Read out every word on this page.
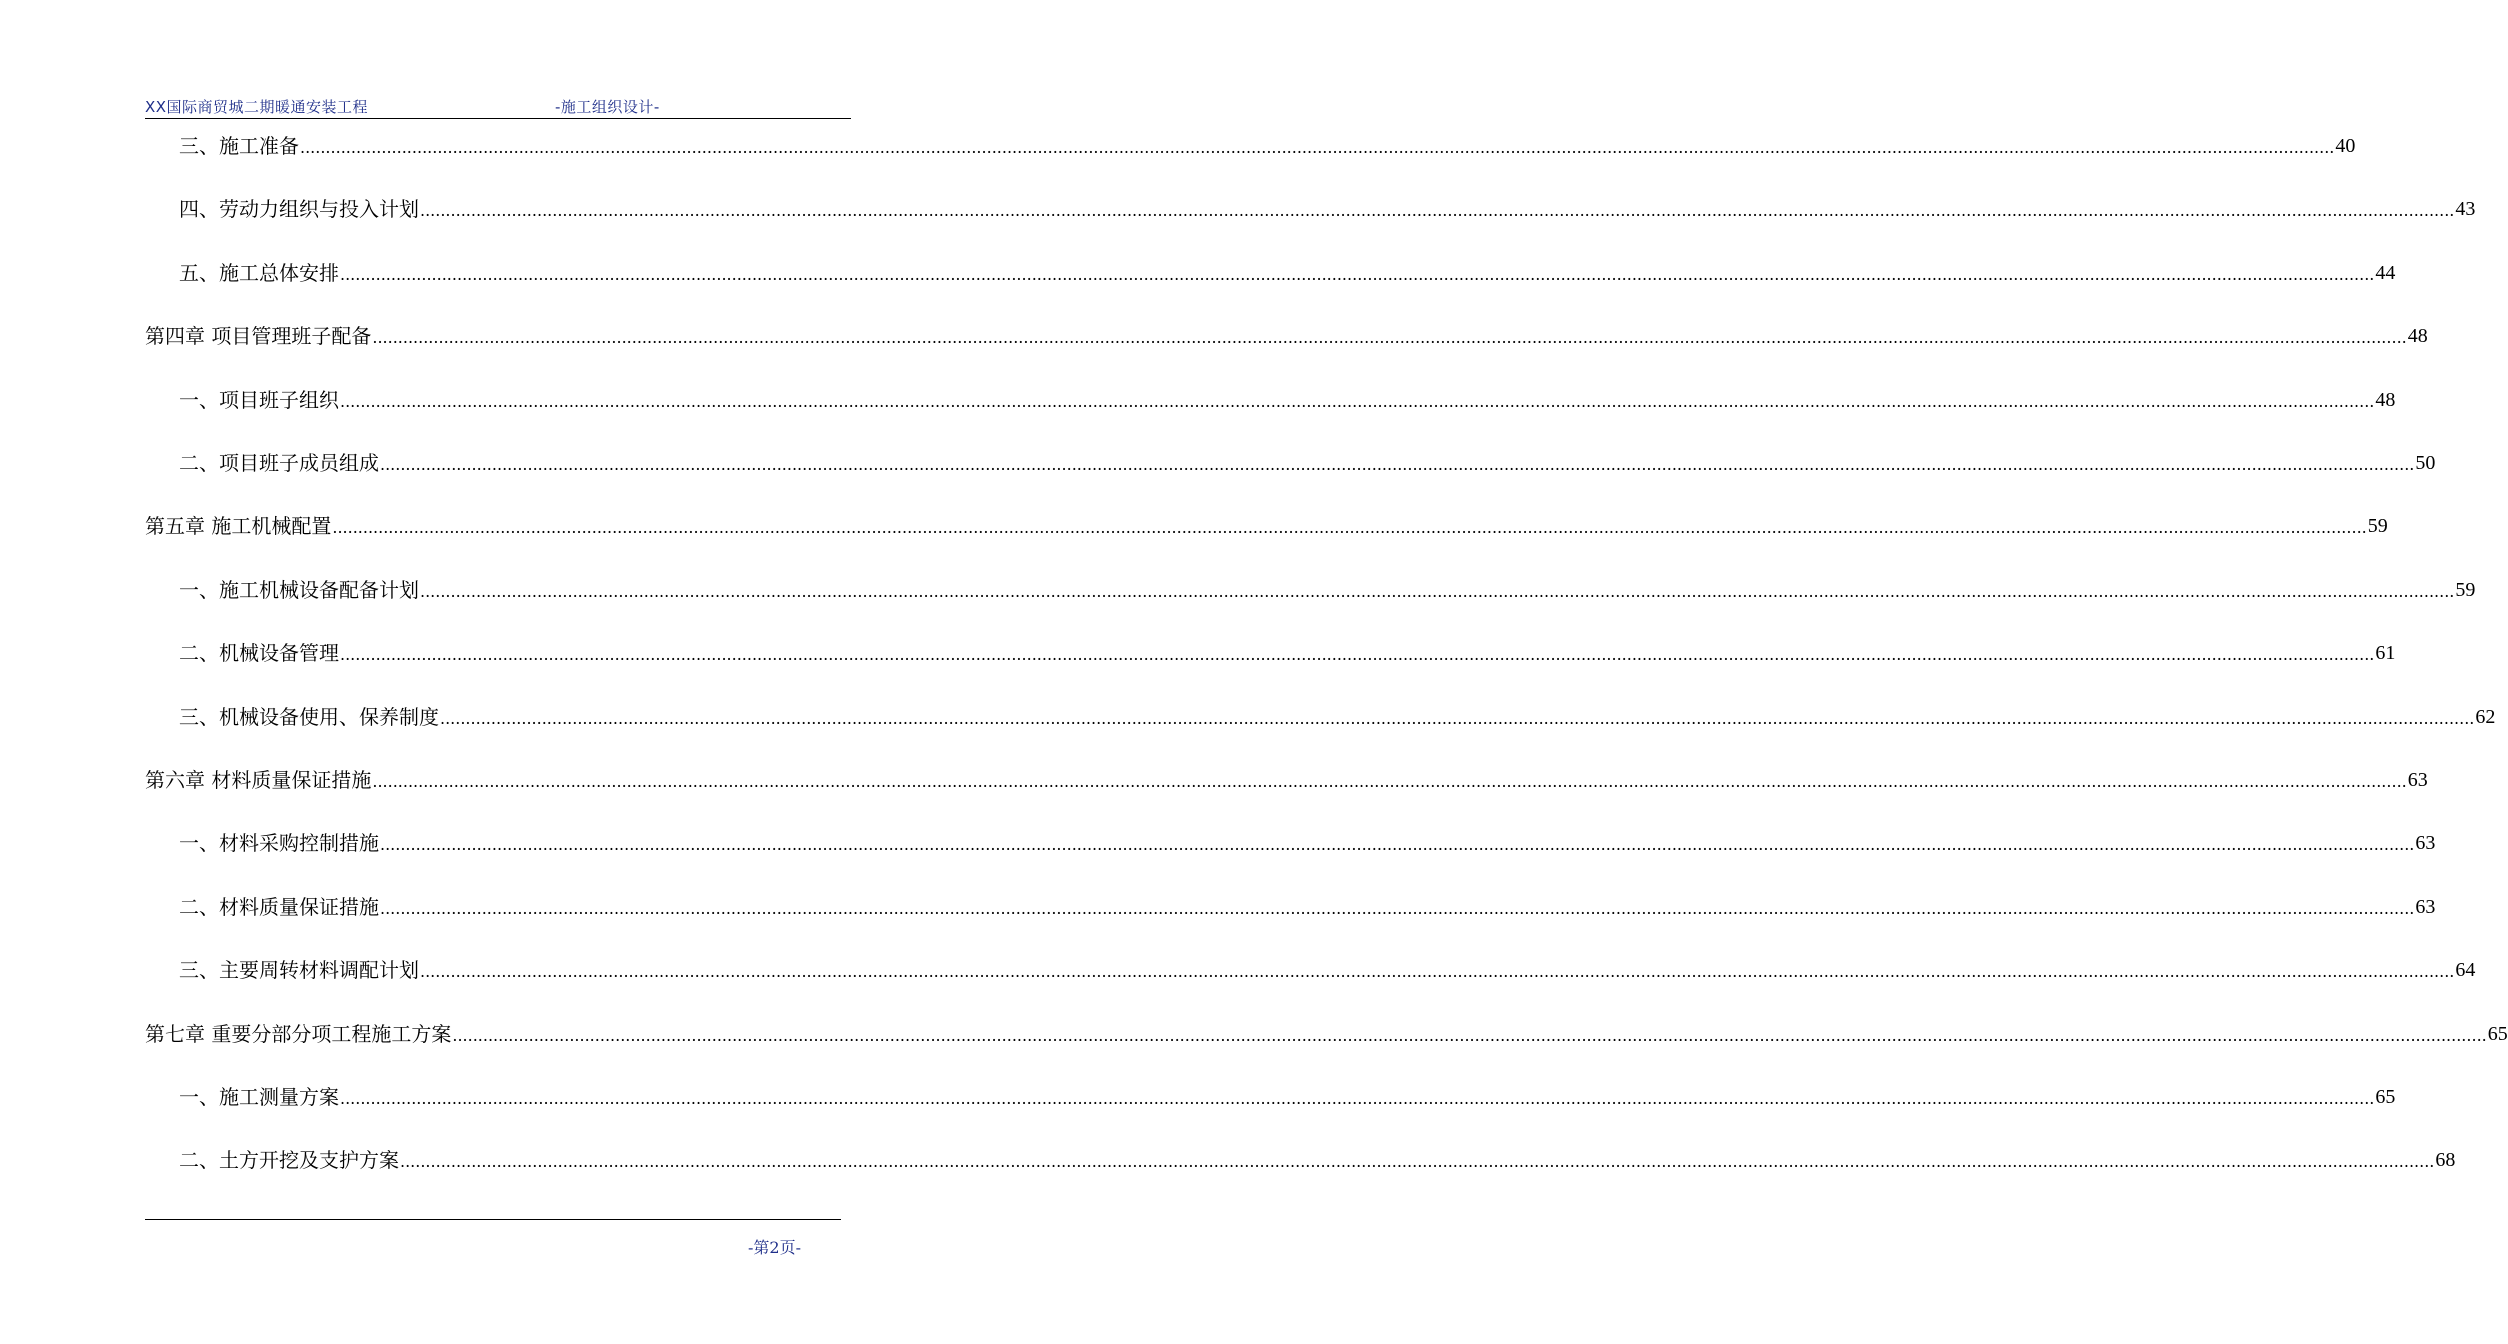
XX国际商贸城二期暖通安装工程	-施工组织设计-
三、施工准备 ................................................................................................................................................................................................................................................................................................................................................................................................................ 40
四、劳动力组织与投入计划 ................................................................................................................................................................................................................................................................................................................................................................................................................ 43
五、施工总体安排 ................................................................................................................................................................................................................................................................................................................................................................................................................ 44
第四章 项目管理班子配备 ................................................................................................................................................................................................................................................................................................................................................................................................................ 48
一、项目班子组织 ................................................................................................................................................................................................................................................................................................................................................................................................................ 48
二、项目班子成员组成 ................................................................................................................................................................................................................................................................................................................................................................................................................ 50
第五章 施工机械配置 ................................................................................................................................................................................................................................................................................................................................................................................................................ 59
一、施工机械设备配备计划 ................................................................................................................................................................................................................................................................................................................................................................................................................ 59
二、机械设备管理 ................................................................................................................................................................................................................................................................................................................................................................................................................ 61
三、机械设备使用、保养制度 ................................................................................................................................................................................................................................................................................................................................................................................................................ 62
第六章 材料质量保证措施 ................................................................................................................................................................................................................................................................................................................................................................................................................ 63
一、材料采购控制措施 ................................................................................................................................................................................................................................................................................................................................................................................................................ 63
二、材料质量保证措施 ................................................................................................................................................................................................................................................................................................................................................................................................................ 63
三、主要周转材料调配计划 ................................................................................................................................................................................................................................................................................................................................................................................................................ 64
第七章 重要分部分项工程施工方案 ................................................................................................................................................................................................................................................................................................................................................................................................................ 65
一、施工测量方案 ................................................................................................................................................................................................................................................................................................................................................................................................................ 65
二、土方开挖及支护方案 ................................................................................................................................................................................................................................................................................................................................................................................................................ 68
-第2页-
